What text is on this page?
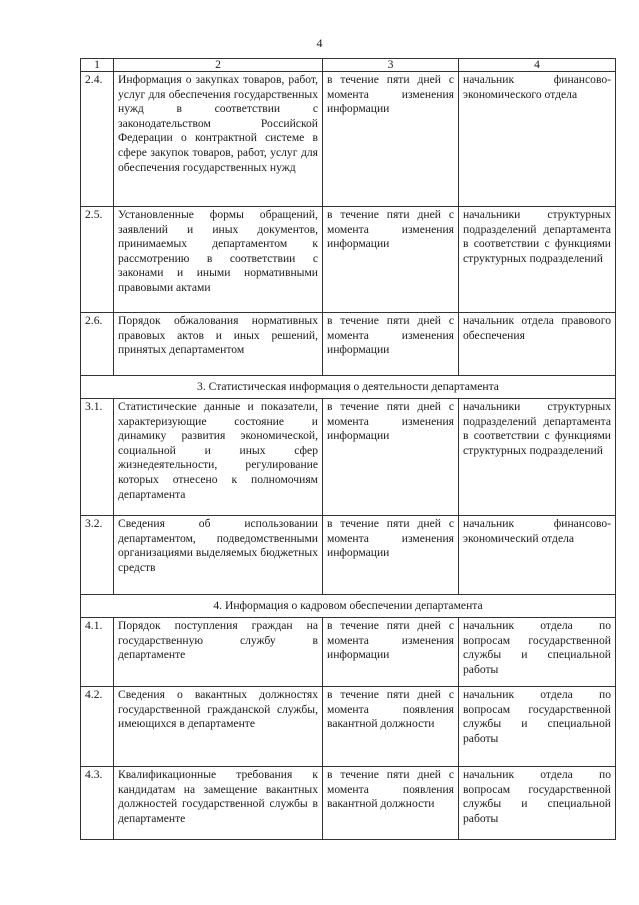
4
1	2	3	4
2.4.	Информация о закупках товаров, работ, услуг для обеспечения государственных нужд в соответствии с законодательством Российской Федерации о контрактной системе в сфере закупок товаров, работ, услуг для обеспечения государственных нужд	в течение пяти дней с момента изменения информации	начальник финансово-экономического отдела
2.5.	Установленные формы обращений, заявлений и иных документов, принимаемых департаментом к рассмотрению в соответствии с законами и иными нормативными правовыми актами	в течение пяти дней с момента изменения информации	начальники структурных подразделений департамента в соответствии с функциями структурных подразделений
2.6.	Порядок обжалования нормативных правовых актов и иных решений, принятых департаментом	в течение пяти дней с момента изменения информации	начальник отдела правового обеспечения
3. Статистическая информация о деятельности департамента			
3.1.	Статистические данные и показатели, характеризующие состояние и динамику развития экономической, социальной и иных сфер жизнедеятельности, регулирование которых отнесено к полномочиям департамента	в течение пяти дней с момента изменения информации	начальники структурных подразделений департамента в соответствии с функциями структурных подразделений
3.2.	Сведения об использовании департаментом, подведомственными организациями выделяемых бюджетных средств	в течение пяти дней с момента изменения информации	начальник финансово-экономический отдела
4. Информация о кадровом обеспечении департамента			
4.1.	Порядок поступления граждан на государственную службу в департаменте	в течение пяти дней с момента изменения информации	начальник отдела по вопросам государственной службы и специальной работы
4.2.	Сведения о вакантных должностях государственной гражданской службы, имеющихся в департаменте	в течение пяти дней с момента появления вакантной должности	начальник отдела по вопросам государственной службы и специальной работы
4.3.	Квалификационные требования к кандидатам на замещение вакантных должностей государственной службы в департаменте	в течение пяти дней с момента появления вакантной должности	начальник отдела по вопросам государственной службы и специальной работы
